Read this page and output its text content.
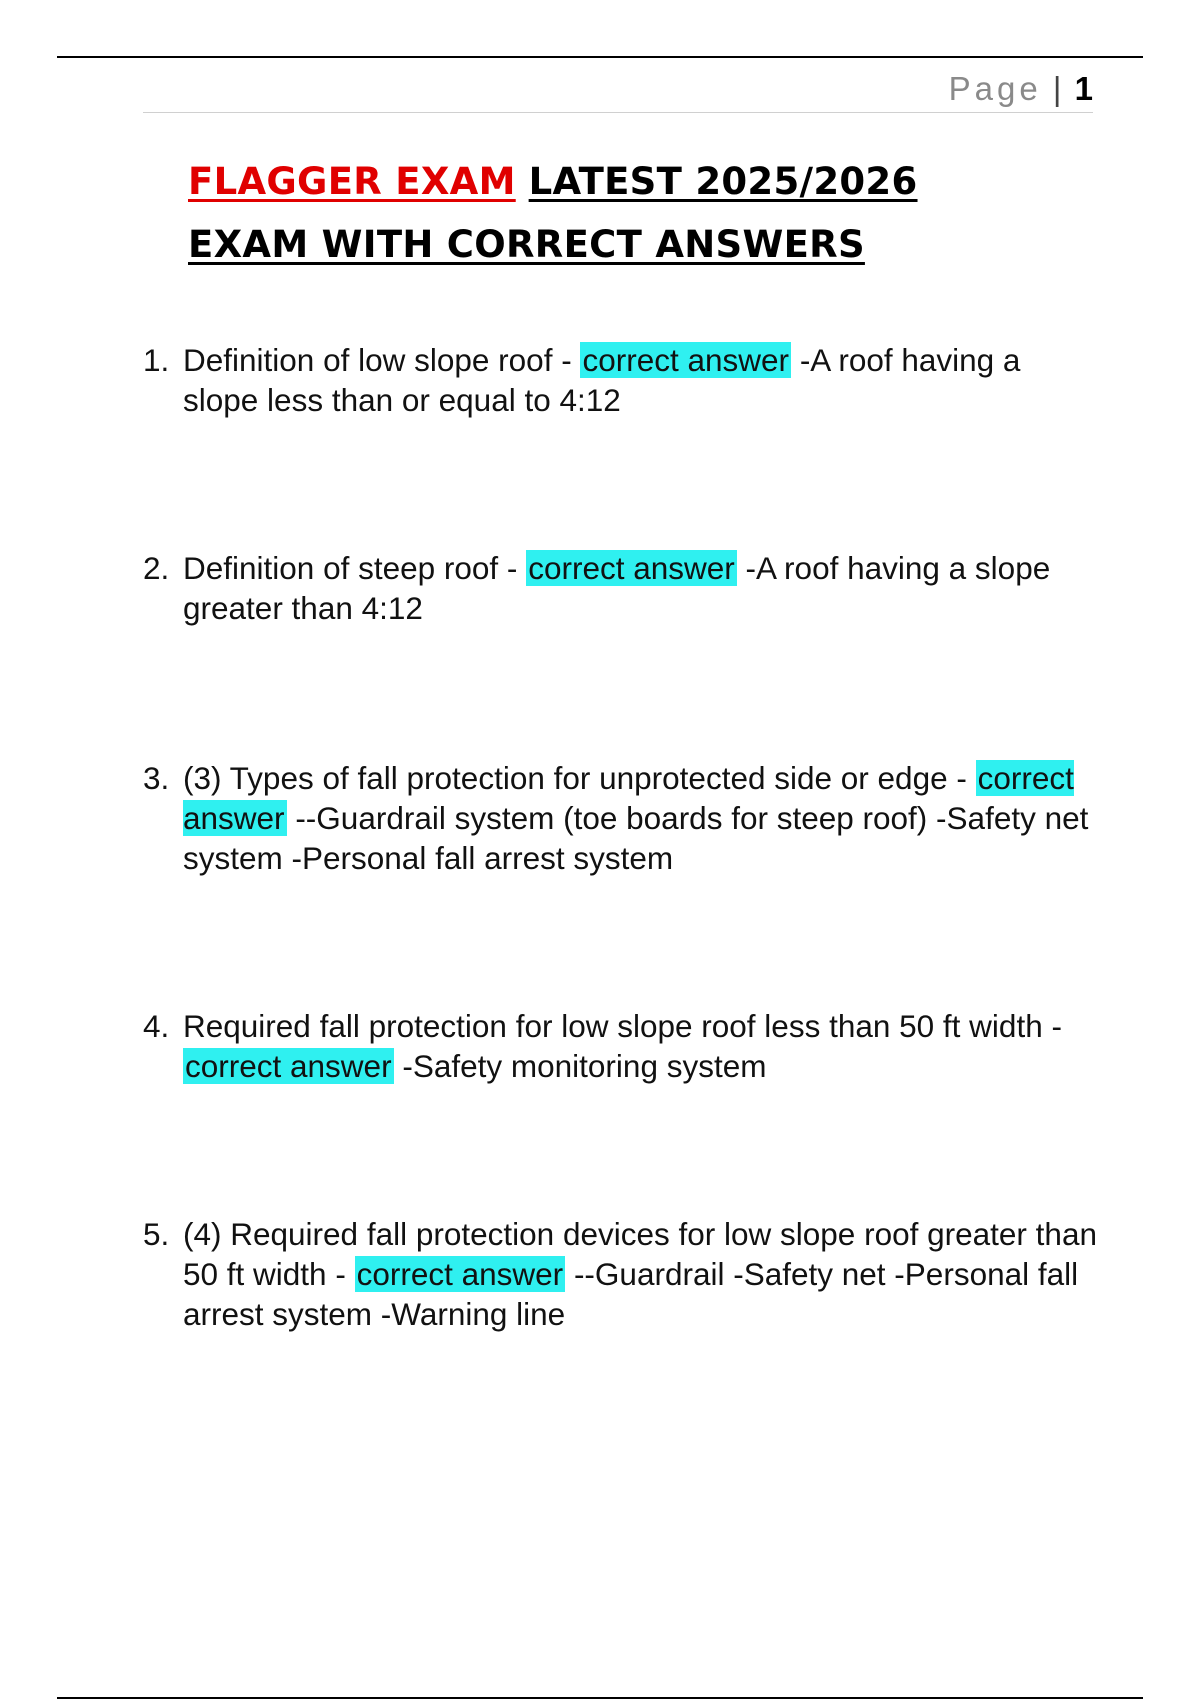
Page | 1
FLAGGER EXAM LATEST 2025/2026
EXAM WITH CORRECT ANSWERS
1. Definition of low slope roof - correct answer -A roof having a slope less than or equal to 4:12
2. Definition of steep roof - correct answer -A roof having a slope greater than 4:12
3. (3) Types of fall protection for unprotected side or edge - correct answer --Guardrail system (toe boards for steep roof) -Safety net system -Personal fall arrest system
4. Required fall protection for low slope roof less than 50 ft width - correct answer -Safety monitoring system
5. (4) Required fall protection devices for low slope roof greater than 50 ft width - correct answer --Guardrail -Safety net -Personal fall arrest system -Warning line
